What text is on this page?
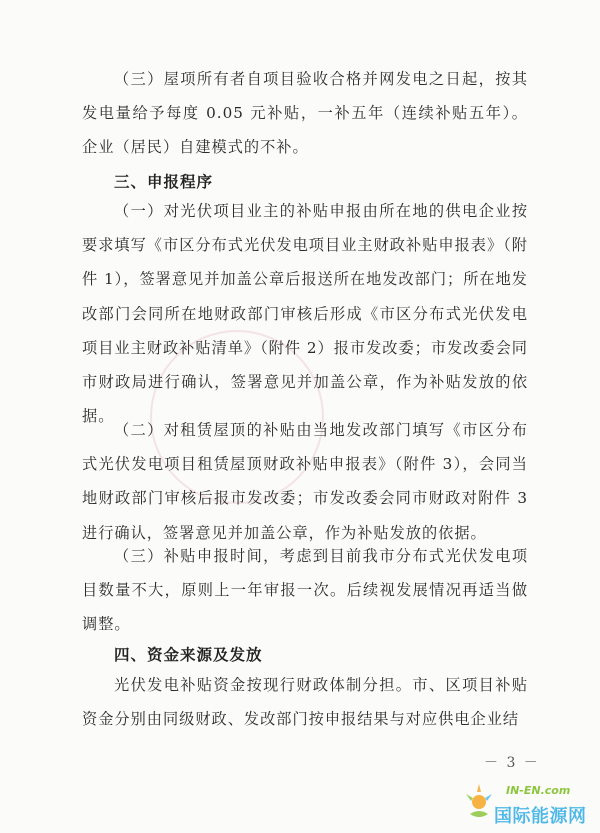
（三）屋项所有者自项目验收合格并网发电之日起，按其发电量给予每度 0.05 元补贴，一补五年（连续补贴五年）。企业（居民）自建模式的不补。

三、申报程序

（一）对光伏项目业主的补贴申报由所在地的供电企业按要求填写《市区分布式光伏发电项目业主财政补贴申报表》（附件 1），签署意见并加盖公章后报送所在地发改部门；所在地发改部门会同所在地财政部门审核后形成《市区分布式光伏发电项目业主财政补贴清单》（附件 2）报市发改委；市发改委会同市财政局进行确认，签署意见并加盖公章，作为补贴发放的依据。

（二）对租赁屋顶的补贴由当地发改部门填写《市区分布式光伏发电项目租赁屋顶财政补贴申报表》（附件 3），会同当地财政部门审核后报市发改委；市发改委会同市财政对附件 3 进行确认，签署意见并加盖公章，作为补贴发放的依据。

（三）补贴申报时间，考虑到目前我市分布式光伏发电项目数量不大，原则上一年审报一次。后续视发展情况再适当做调整。

四、资金来源及发放

光伏发电补贴资金按现行财政体制分担。市、区项目补贴资金分别由同级财政、发改部门按申报结果与对应供电企业结

－ 3 －
IN-EN.com
国际能源网
